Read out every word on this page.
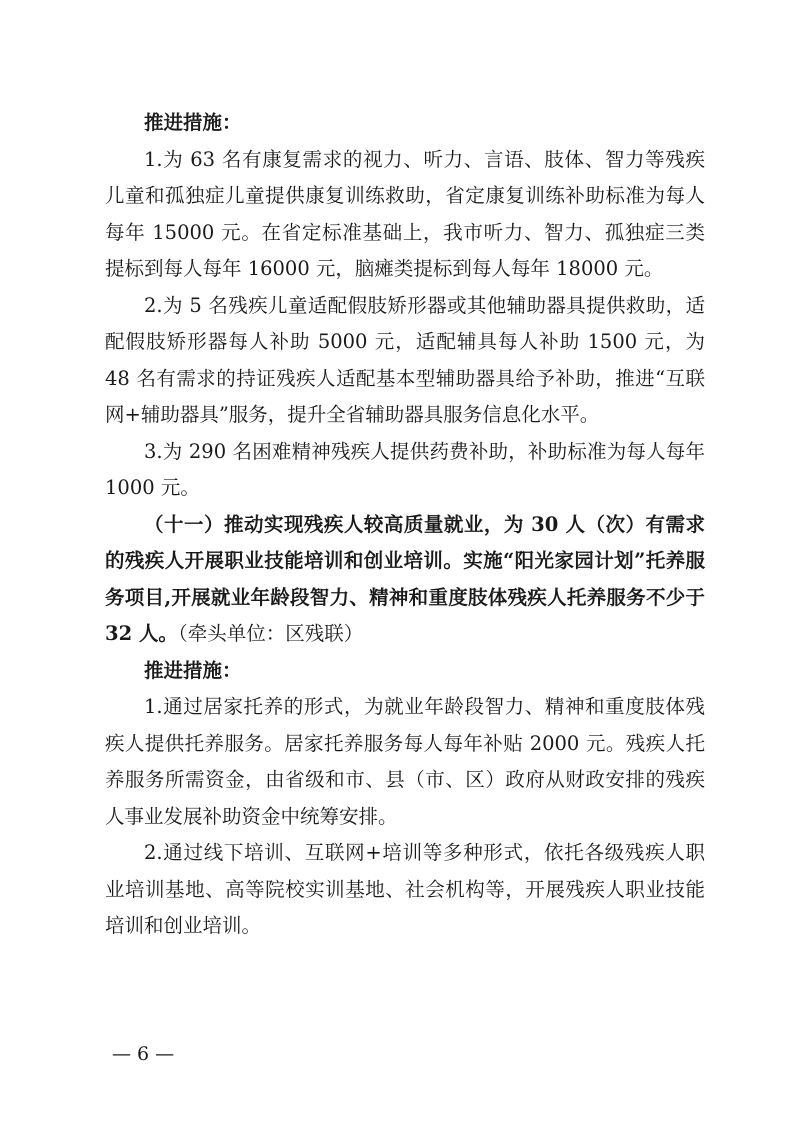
推进措施：

1.为 63 名有康复需求的视力、听力、言语、肢体、智力等残疾儿童和孤独症儿童提供康复训练救助，省定康复训练补助标准为每人每年 15000 元。在省定标准基础上，我市听力、智力、孤独症三类提标到每人每年 16000 元，脑瘫类提标到每人每年 18000 元。

2.为 5 名残疾儿童适配假肢矫形器或其他辅助器具提供救助，适配假肢矫形器每人补助 5000 元，适配辅具每人补助 1500 元，为 48 名有需求的持证残疾人适配基本型辅助器具给予补助，推进“互联网+辅助器具”服务，提升全省辅助器具服务信息化水平。

3.为 290 名困难精神残疾人提供药费补助，补助标准为每人每年 1000 元。

（十一）推动实现残疾人较高质量就业，为 30 人（次）有需求的残疾人开展职业技能培训和创业培训。实施“阳光家园计划”托养服务项目,开展就业年龄段智力、精神和重度肢体残疾人托养服务不少于 32 人。（牵头单位：区残联）

推进措施：

1.通过居家托养的形式，为就业年龄段智力、精神和重度肢体残疾人提供托养服务。居家托养服务每人每年补贴 2000 元。残疾人托养服务所需资金，由省级和市、县（市、区）政府从财政安排的残疾人事业发展补助资金中统筹安排。

2.通过线下培训、互联网+培训等多种形式，依托各级残疾人职业培训基地、高等院校实训基地、社会机构等，开展残疾人职业技能培训和创业培训。

— 6 —
